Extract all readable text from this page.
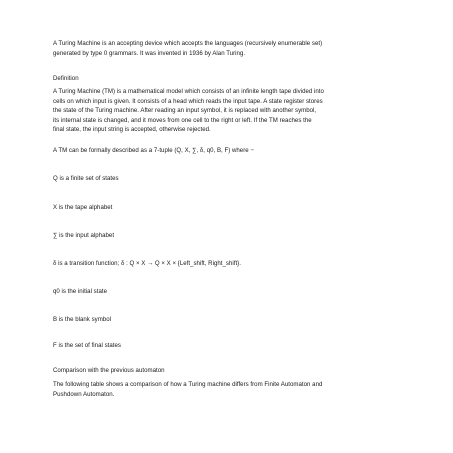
A Turing Machine is an accepting device which accepts the languages (recursively enumerable set)
generated by type 0 grammars. It was invented in 1936 by Alan Turing.
Definition
A Turing Machine (TM) is a mathematical model which consists of an infinite length tape divided into
cells on which input is given. It consists of a head which reads the input tape. A state register stores
the state of the Turing machine. After reading an input symbol, it is replaced with another symbol,
its internal state is changed, and it moves from one cell to the right or left. If the TM reaches the
final state, the input string is accepted, otherwise rejected.
A TM can be formally described as a 7-tuple (Q, X, ∑, δ, q0, B, F) where −
Q is a finite set of states
X is the tape alphabet
∑ is the input alphabet
δ is a transition function; δ : Q × X → Q × X × {Left_shift, Right_shift}.
q0 is the initial state
B is the blank symbol
F is the set of final states
Comparison with the previous automaton
The following table shows a comparison of how a Turing machine differs from Finite Automaton and
Pushdown Automaton.
